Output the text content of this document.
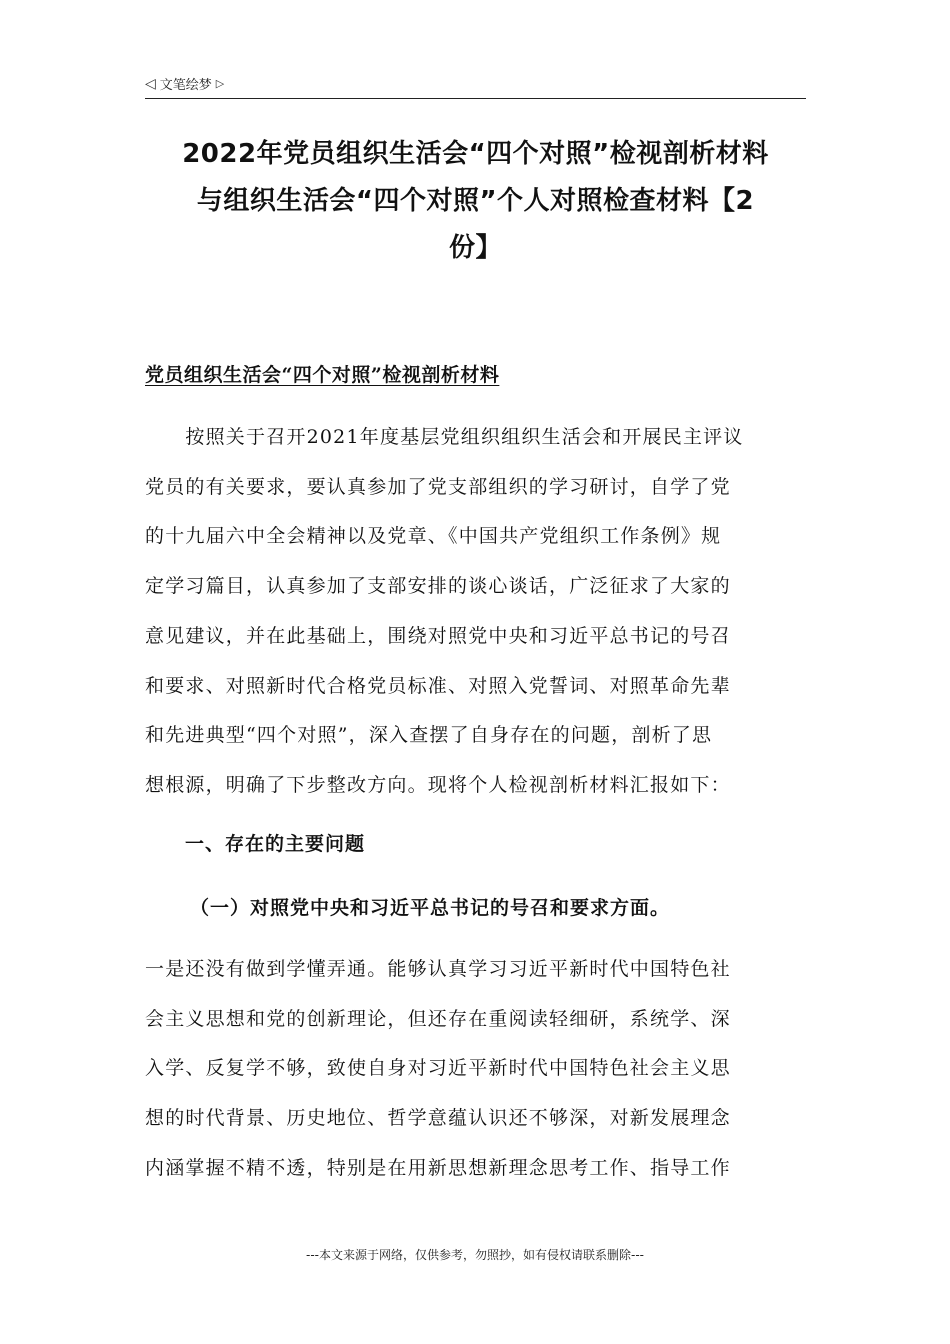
◁ 文笔绘梦 ▷
2022年党员组织生活会“四个对照”检视剖析材料
与组织生活会“四个对照”个人对照检查材料【2
份】
党员组织生活会“四个对照”检视剖析材料
　　按照关于召开2021年度基层党组织组织生活会和开展民主评议
党员的有关要求，要认真参加了党支部组织的学习研讨，自学了党
的十九届六中全会精神以及党章、《中国共产党组织工作条例》规
定学习篇目，认真参加了支部安排的谈心谈话，广泛征求了大家的
意见建议，并在此基础上，围绕对照党中央和习近平总书记的号召
和要求、对照新时代合格党员标准、对照入党誓词、对照革命先辈
和先进典型“四个对照”，深入查摆了自身存在的问题，剖析了思
想根源，明确了下步整改方向。现将个人检视剖析材料汇报如下：
一、存在的主要问题
（一）对照党中央和习近平总书记的号召和要求方面。
一是还没有做到学懂弄通。能够认真学习习近平新时代中国特色社
会主义思想和党的创新理论，但还存在重阅读轻细研，系统学、深
入学、反复学不够，致使自身对习近平新时代中国特色社会主义思
想的时代背景、历史地位、哲学意蕴认识还不够深，对新发展理念
内涵掌握不精不透，特别是在用新思想新理念思考工作、指导工作
---本文来源于网络，仅供参考，勿照抄，如有侵权请联系删除---
